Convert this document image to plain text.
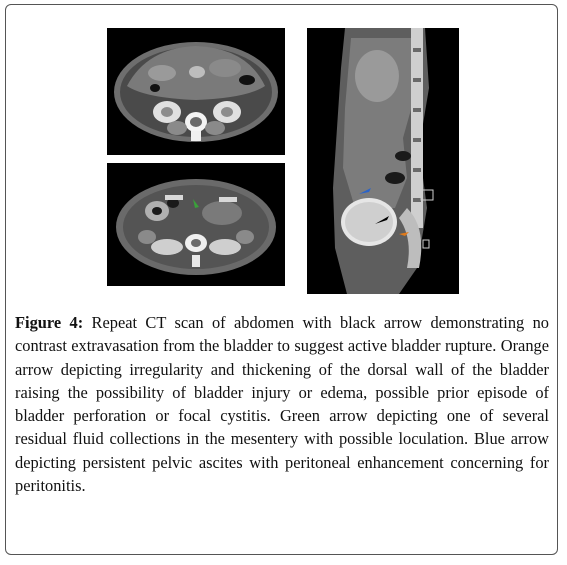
Figure 4: Repeat CT scan of abdomen with black arrow demonstrating no contrast extravasation from the bladder to suggest active bladder rupture. Orange arrow depicting irregularity and thickening of the dorsal wall of the bladder raising the possibility of bladder injury or edema, possible prior episode of bladder perforation or focal cystitis. Green arrow depicting one of several residual fluid collections in the mesentery with possible loculation. Blue arrow depicting persistent pelvic ascites with peritoneal enhancement concerning for peritonitis.
